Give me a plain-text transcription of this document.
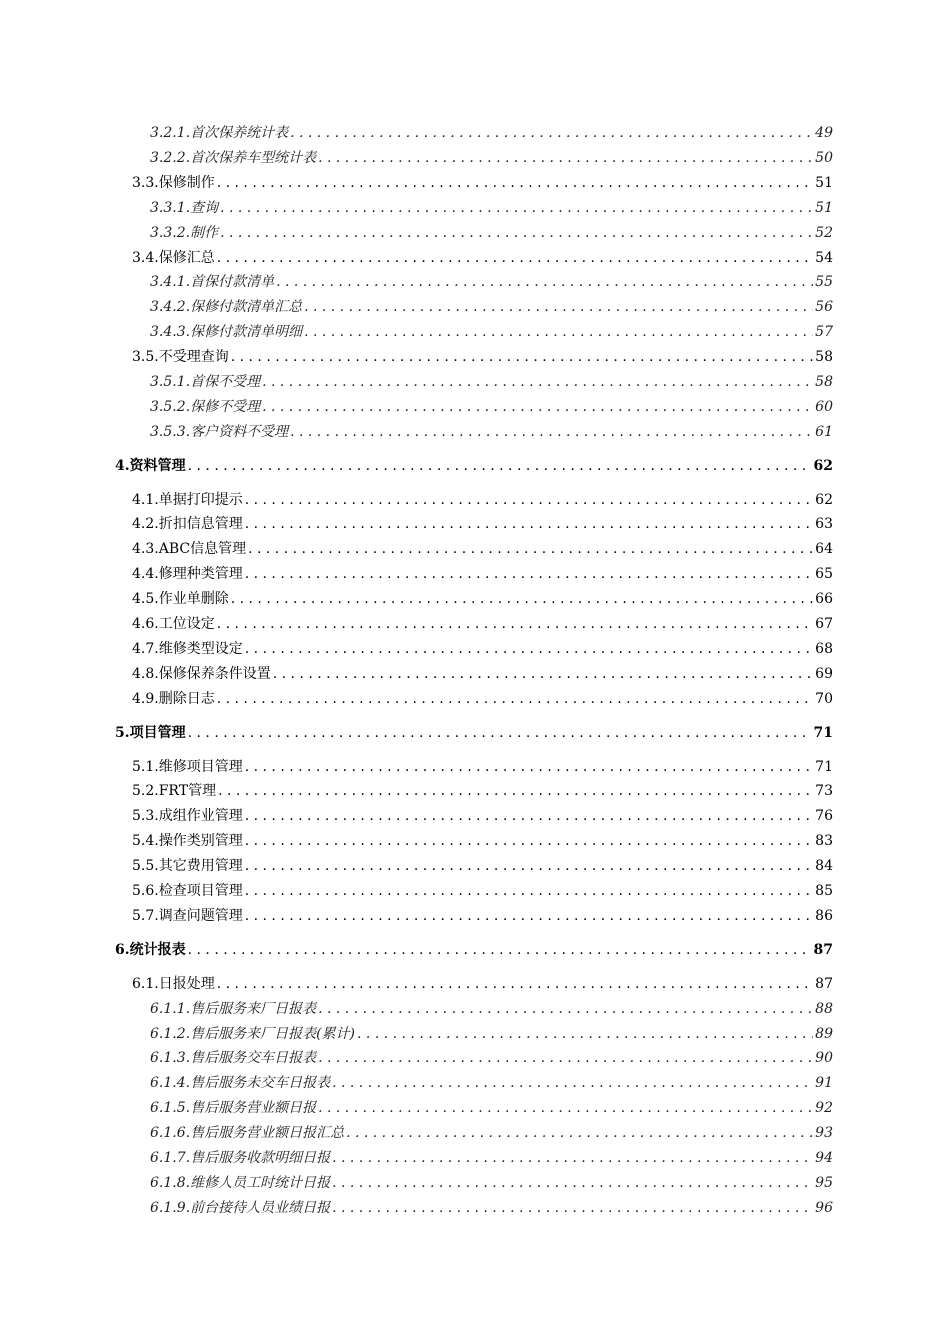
3.2.1. 首次保养统计表 . . .	49
3.2.2. 首次保养车型统计表 . . .	50
3.3. 保修制作 . . .	51
3.3.1. 查询 . . .	51
3.3.2. 制作 . . .	52
3.4. 保修汇总 . . .	54
3.4.1. 首保付款清单 . . .	55
3.4.2. 保修付款清单汇总 . . .	56
3.4.3. 保修付款清单明细 . . .	57
3.5. 不受理查询 . . .	58
3.5.1. 首保不受理 . . .	58
3.5.2. 保修不受理 . . .	60
3.5.3. 客户资料不受理 . . .	61
4. 资料管理 . . .	62
4.1. 单据打印提示 . . .	62
4.2. 折扣信息管理 . . .	63
4.3. ABC信息管理 . . .	64
4.4. 修理种类管理 . . .	65
4.5. 作业单删除 . . .	66
4.6. 工位设定 . . .	67
4.7. 维修类型设定 . . .	68
4.8. 保修保养条件设置 . . .	69
4.9. 删除日志 . . .	70
5. 项目管理 . . .	71
5.1. 维修项目管理 . . .	71
5.2. FRT管理 . . .	73
5.3. 成组作业管理 . . .	76
5.4. 操作类别管理 . . .	83
5.5. 其它费用管理 . . .	84
5.6. 检查项目管理 . . .	85
5.7. 调查问题管理 . . .	86
6. 统计报表 . . .	87
6.1. 日报处理 . . .	87
6.1.1. 售后服务来厂日报表 . . .	88
6.1.2. 售后服务来厂日报表(累计) . . .	89
6.1.3. 售后服务交车日报表 . . .	90
6.1.4. 售后服务未交车日报表 . . .	91
6.1.5. 售后服务营业额日报 . . .	92
6.1.6. 售后服务营业额日报汇总 . . .	93
6.1.7. 售后服务收款明细日报 . . .	94
6.1.8. 维修人员工时统计日报 . . .	95
6.1.9. 前台接待人员业绩日报 . . .	96
